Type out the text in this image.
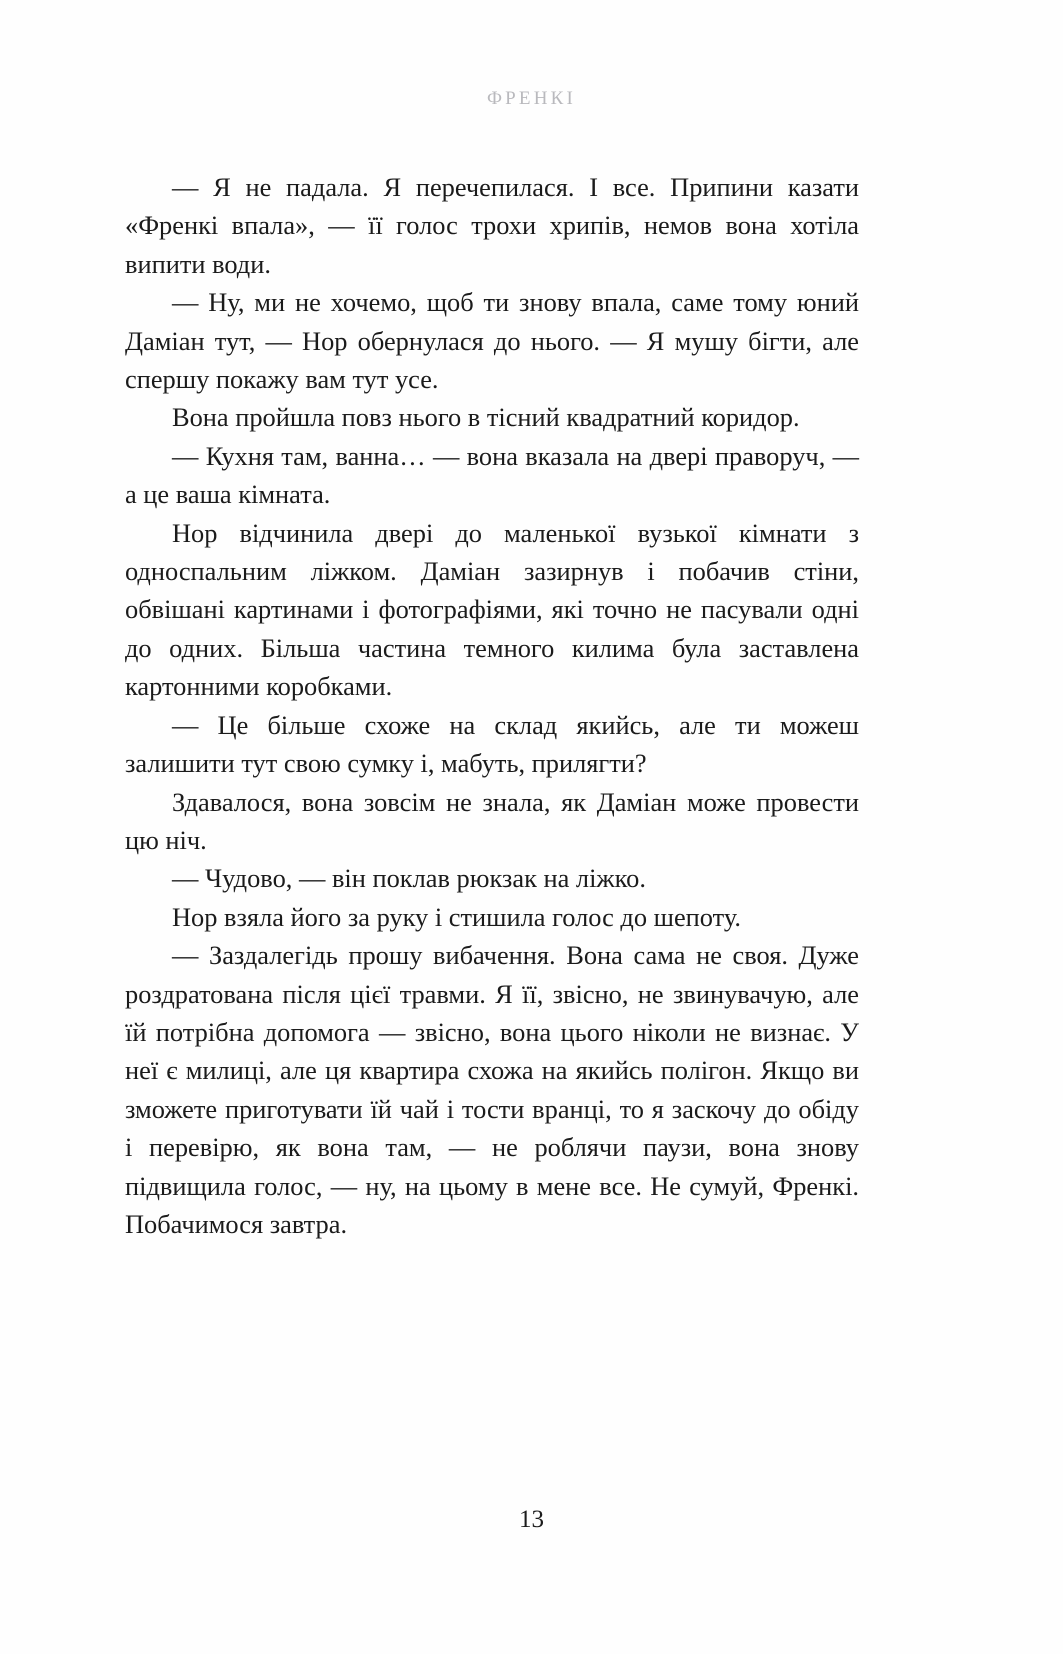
ФРЕНКІ

— Я не падала. Я перечепилася. І все. Припини казати «Френкі впала», — її голос трохи хрипів, немов вона хотіла випити води.

— Ну, ми не хочемо, щоб ти знову впала, саме тому юний Даміан тут, — Нор обернулася до нього. — Я мушу бігти, але спершу покажу вам тут усе.

Вона пройшла повз нього в тісний квадратний коридор.

— Кухня там, ванна… — вона вказала на двері праворуч, — а це ваша кімната.

Нор відчинила двері до маленької вузької кімнати з односпальним ліжком. Даміан зазирнув і побачив стіни, обвішані картинами і фотографіями, які точно не пасували одні до одних. Більша частина темного килима була заставлена картонними коробками.

— Це більше схоже на склад якийсь, але ти можеш залишити тут свою сумку і, мабуть, прилягти?

Здавалося, вона зовсім не знала, як Даміан може провести цю ніч.

— Чудово, — він поклав рюкзак на ліжко.

Нор взяла його за руку і стишила голос до шепоту.

— Заздалегідь прошу вибачення. Вона сама не своя. Дуже роздратована після цієї травми. Я її, звісно, не звинувачую, але їй потрібна допомога — звісно, вона цього ніколи не визнає. У неї є милиці, але ця квартира схожа на якийсь полігон. Якщо ви зможете приготувати їй чай і тости вранці, то я заскочу до обіду і перевірю, як вона там, — не роблячи паузи, вона знову підвищила голос, — ну, на цьому в мене все. Не сумуй, Френкі. Побачимося завтра.

13
